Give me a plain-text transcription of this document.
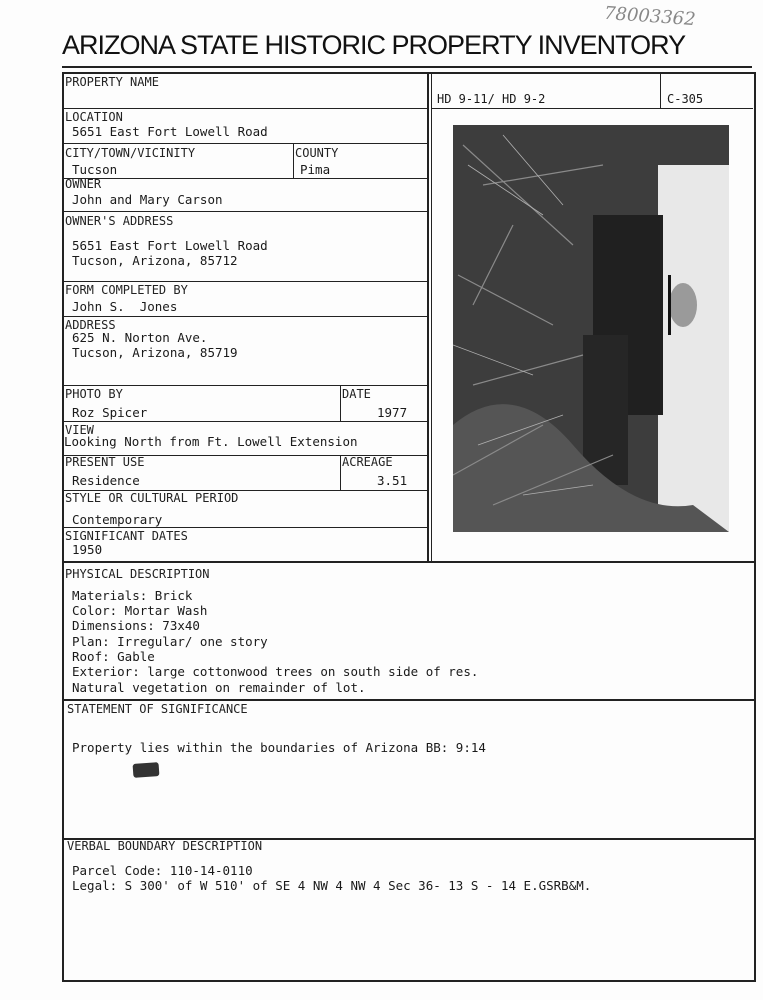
78003362
ARIZONA STATE HISTORIC PROPERTY INVENTORY
HD 9-11/ HD 9-2	C-305
PROPERTY NAME
LOCATION
5651 East Fort Lowell Road
CITY/TOWN/VICINITY
Tucson
COUNTY
Pima
OWNER
John and Mary Carson
OWNER'S ADDRESS
5651 East Fort Lowell Road
Tucson, Arizona, 85712
FORM COMPLETED BY
John S.  Jones
ADDRESS
625 N. Norton Ave.
Tucson, Arizona, 85719
PHOTO BY
Roz Spicer
DATE
1977
VIEW
Looking North from Ft. Lowell Extension
PRESENT USE
Residence
ACREAGE
3.51
STYLE OR CULTURAL PERIOD
Contemporary
SIGNIFICANT DATES
1950
PHYSICAL DESCRIPTION
Materials: Brick
Color: Mortar Wash
Dimensions: 73x40
Plan: Irregular/ one story
Roof: Gable
Exterior: large cottonwood trees on south side of res.
Natural vegetation on remainder of lot.
STATEMENT OF SIGNIFICANCE
Property lies within the boundaries of Arizona BB: 9:14
VERBAL BOUNDARY DESCRIPTION
Parcel Code: 110-14-0110
Legal: S 300' of W 510' of SE 4 NW 4 NW 4 Sec 36- 13 S - 14 E.GSRB&M.
